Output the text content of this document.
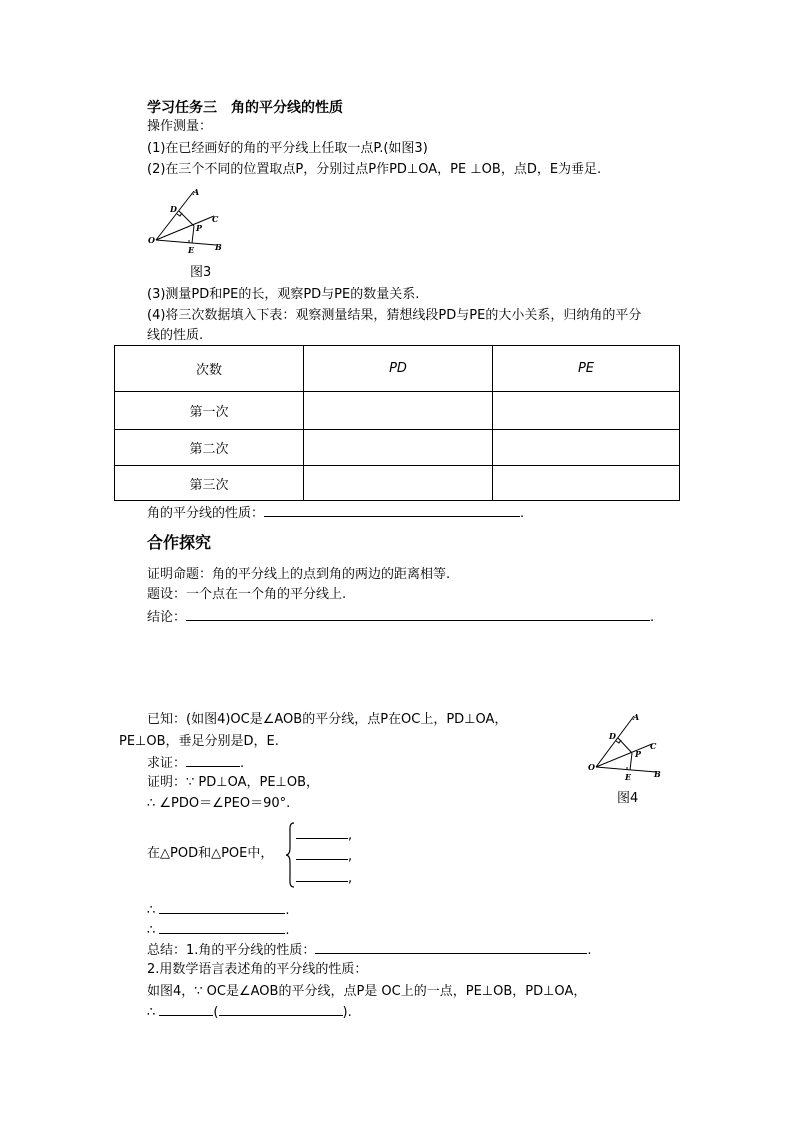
学习任务三　角的平分线的性质
操作测量：
(1)在已经画好的角的平分线上任取一点P.(如图3)
(2)在三个不同的位置取点P，分别过点P作PD⊥OA，PE ⊥OB，点D，E为垂足.
A
D
C
P
O
E	B
图3
(3)测量PD和PE的长，观察PD与PE的数量关系.
(4)将三次数据填入下表：观察测量结果，猜想线段PD与PE的大小关系，归纳角的平分
线的性质.
次数	PD	PE
第一次		
第二次		
第三次		
角的平分线的性质：	.
合作探究
证明命题：角的平分线上的点到角的两边的距离相等.
题设：一个点在一个角的平分线上.
结论：	.
已知：(如图4)OC是∠AOB的平分线，点P在OC上，PD⊥OA，
PE⊥OB，垂足分别是D，E.
求证：	.
证明：∵ PD⊥OA，PE⊥OB，
∴ ∠PDO＝∠PEO＝90°.
A
D
C
P
O
E	B
图4
在△POD和△POE中，
,
,
,
∴	.
∴	.
总结：1.角的平分线的性质：	.
2.用数学语言表述角的平分线的性质：
如图4，∵ OC是∠AOB的平分线，点P是 OC上的一点，PE⊥OB，PD⊥OA，
∴	(	).
